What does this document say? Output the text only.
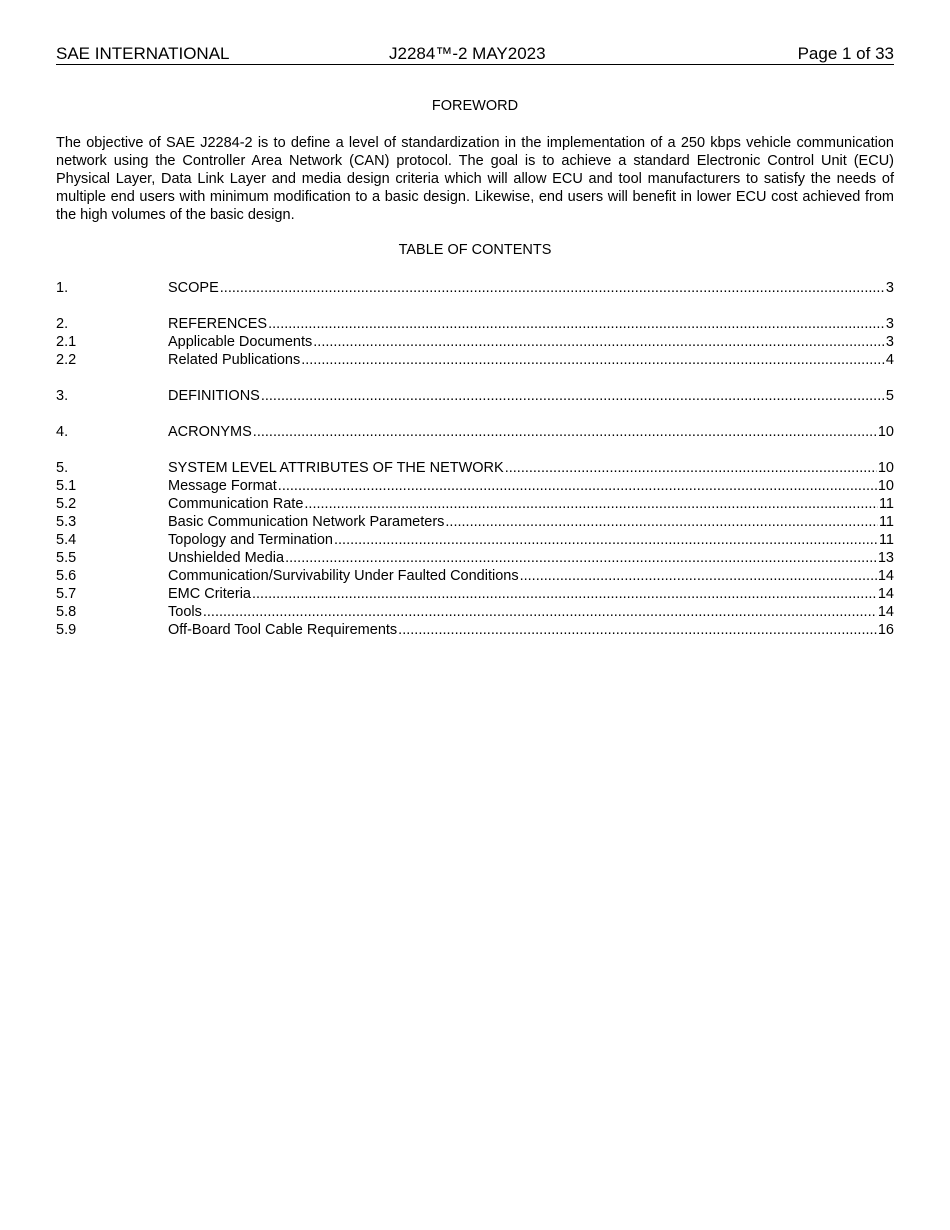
SAE INTERNATIONAL	J2284™-2 MAY2023	Page 1 of 33
FOREWORD

The objective of SAE J2284-2 is to define a level of standardization in the implementation of a 250 kbps vehicle communication network using the Controller Area Network (CAN) protocol. The goal is to achieve a standard Electronic Control Unit (ECU) Physical Layer, Data Link Layer and media design criteria which will allow ECU and tool manufacturers to satisfy the needs of multiple end users with minimum modification to a basic design. Likewise, end users will benefit in lower ECU cost achieved from the high volumes of the basic design.

TABLE OF CONTENTS
1.	SCOPE .....	3
2.	REFERENCES .....	3
2.1	Applicable Documents .....	3
2.2	Related Publications .....	4
3.	DEFINITIONS .....	5
4.	ACRONYMS .....	10
5.	SYSTEM LEVEL ATTRIBUTES OF THE NETWORK .....	10
5.1	Message Format .....	10
5.2	Communication Rate .....	11
5.3	Basic Communication Network Parameters .....	11
5.4	Topology and Termination .....	11
5.5	Unshielded Media .....	13
5.6	Communication/Survivability Under Faulted Conditions .....	14
5.7	EMC Criteria .....	14
5.8	Tools .....	14
5.9	Off-Board Tool Cable Requirements .....	16
